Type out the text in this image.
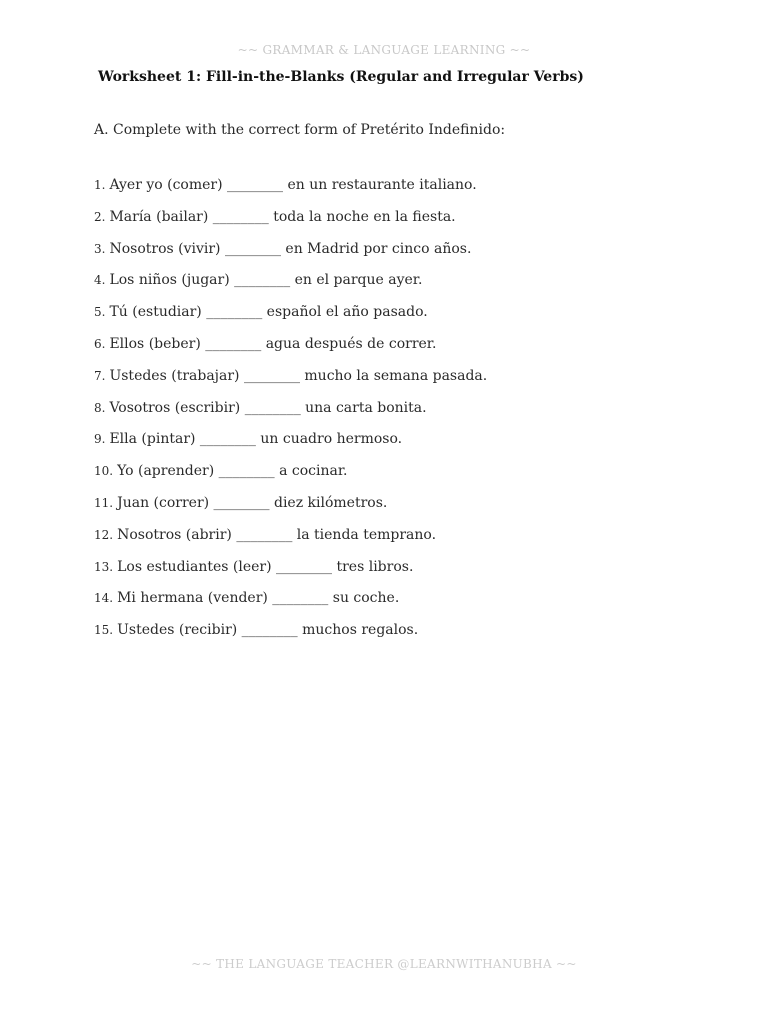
~~ GRAMMAR & LANGUAGE LEARNING ~~
Worksheet 1: Fill-in-the-Blanks (Regular and Irregular Verbs)
A. Complete with the correct form of Pretérito Indefinido:
1. Ayer yo (comer) ________ en un restaurante italiano.
2. María (bailar) ________ toda la noche en la fiesta.
3. Nosotros (vivir) ________ en Madrid por cinco años.
4. Los niños (jugar) ________ en el parque ayer.
5. Tú (estudiar) ________ español el año pasado.
6. Ellos (beber) ________ agua después de correr.
7. Ustedes (trabajar) ________ mucho la semana pasada.
8. Vosotros (escribir) ________ una carta bonita.
9. Ella (pintar) ________ un cuadro hermoso.
10. Yo (aprender) ________ a cocinar.
11. Juan (correr) ________ diez kilómetros.
12. Nosotros (abrir) ________ la tienda temprano.
13. Los estudiantes (leer) ________ tres libros.
14. Mi hermana (vender) ________ su coche.
15. Ustedes (recibir) ________ muchos regalos.
~~ THE LANGUAGE TEACHER @LEARNWITHANUBHA ~~
